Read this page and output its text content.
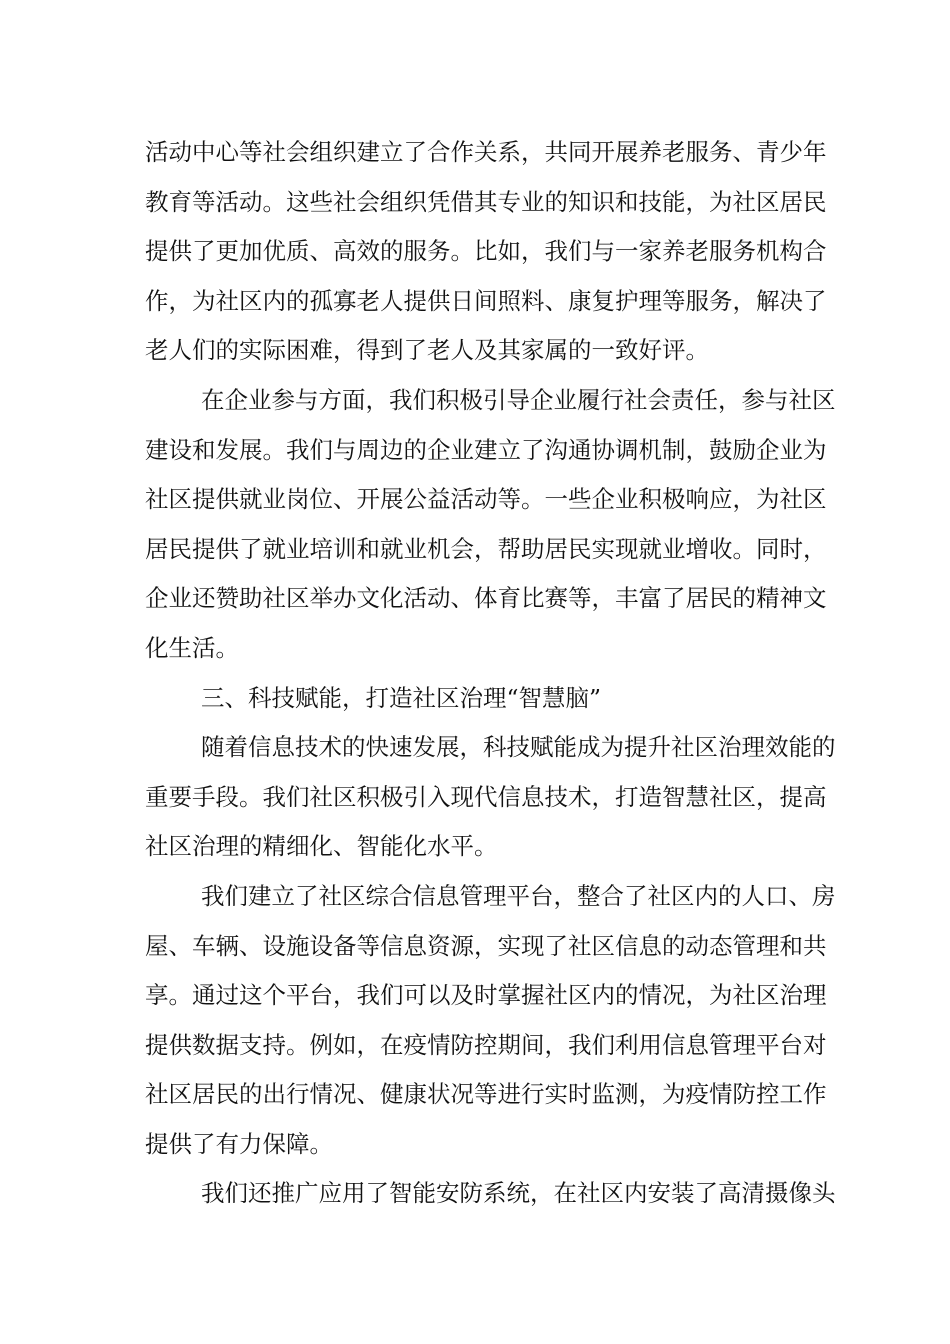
活动中心等社会组织建立了合作关系，共同开展养老服务、青少年
教育等活动。这些社会组织凭借其专业的知识和技能，为社区居民
提供了更加优质、高效的服务。比如，我们与一家养老服务机构合
作，为社区内的孤寡老人提供日间照料、康复护理等服务，解决了
老人们的实际困难，得到了老人及其家属的一致好评。
在企业参与方面，我们积极引导企业履行社会责任，参与社区
建设和发展。我们与周边的企业建立了沟通协调机制，鼓励企业为
社区提供就业岗位、开展公益活动等。一些企业积极响应，为社区
居民提供了就业培训和就业机会，帮助居民实现就业增收。同时，
企业还赞助社区举办文化活动、体育比赛等，丰富了居民的精神文
化生活。
三、科技赋能，打造社区治理“智慧脑”
随着信息技术的快速发展，科技赋能成为提升社区治理效能的
重要手段。我们社区积极引入现代信息技术，打造智慧社区，提高
社区治理的精细化、智能化水平。
我们建立了社区综合信息管理平台，整合了社区内的人口、房
屋、车辆、设施设备等信息资源，实现了社区信息的动态管理和共
享。通过这个平台，我们可以及时掌握社区内的情况，为社区治理
提供数据支持。例如，在疫情防控期间，我们利用信息管理平台对
社区居民的出行情况、健康状况等进行实时监测，为疫情防控工作
提供了有力保障。
我们还推广应用了智能安防系统，在社区内安装了高清摄像头
